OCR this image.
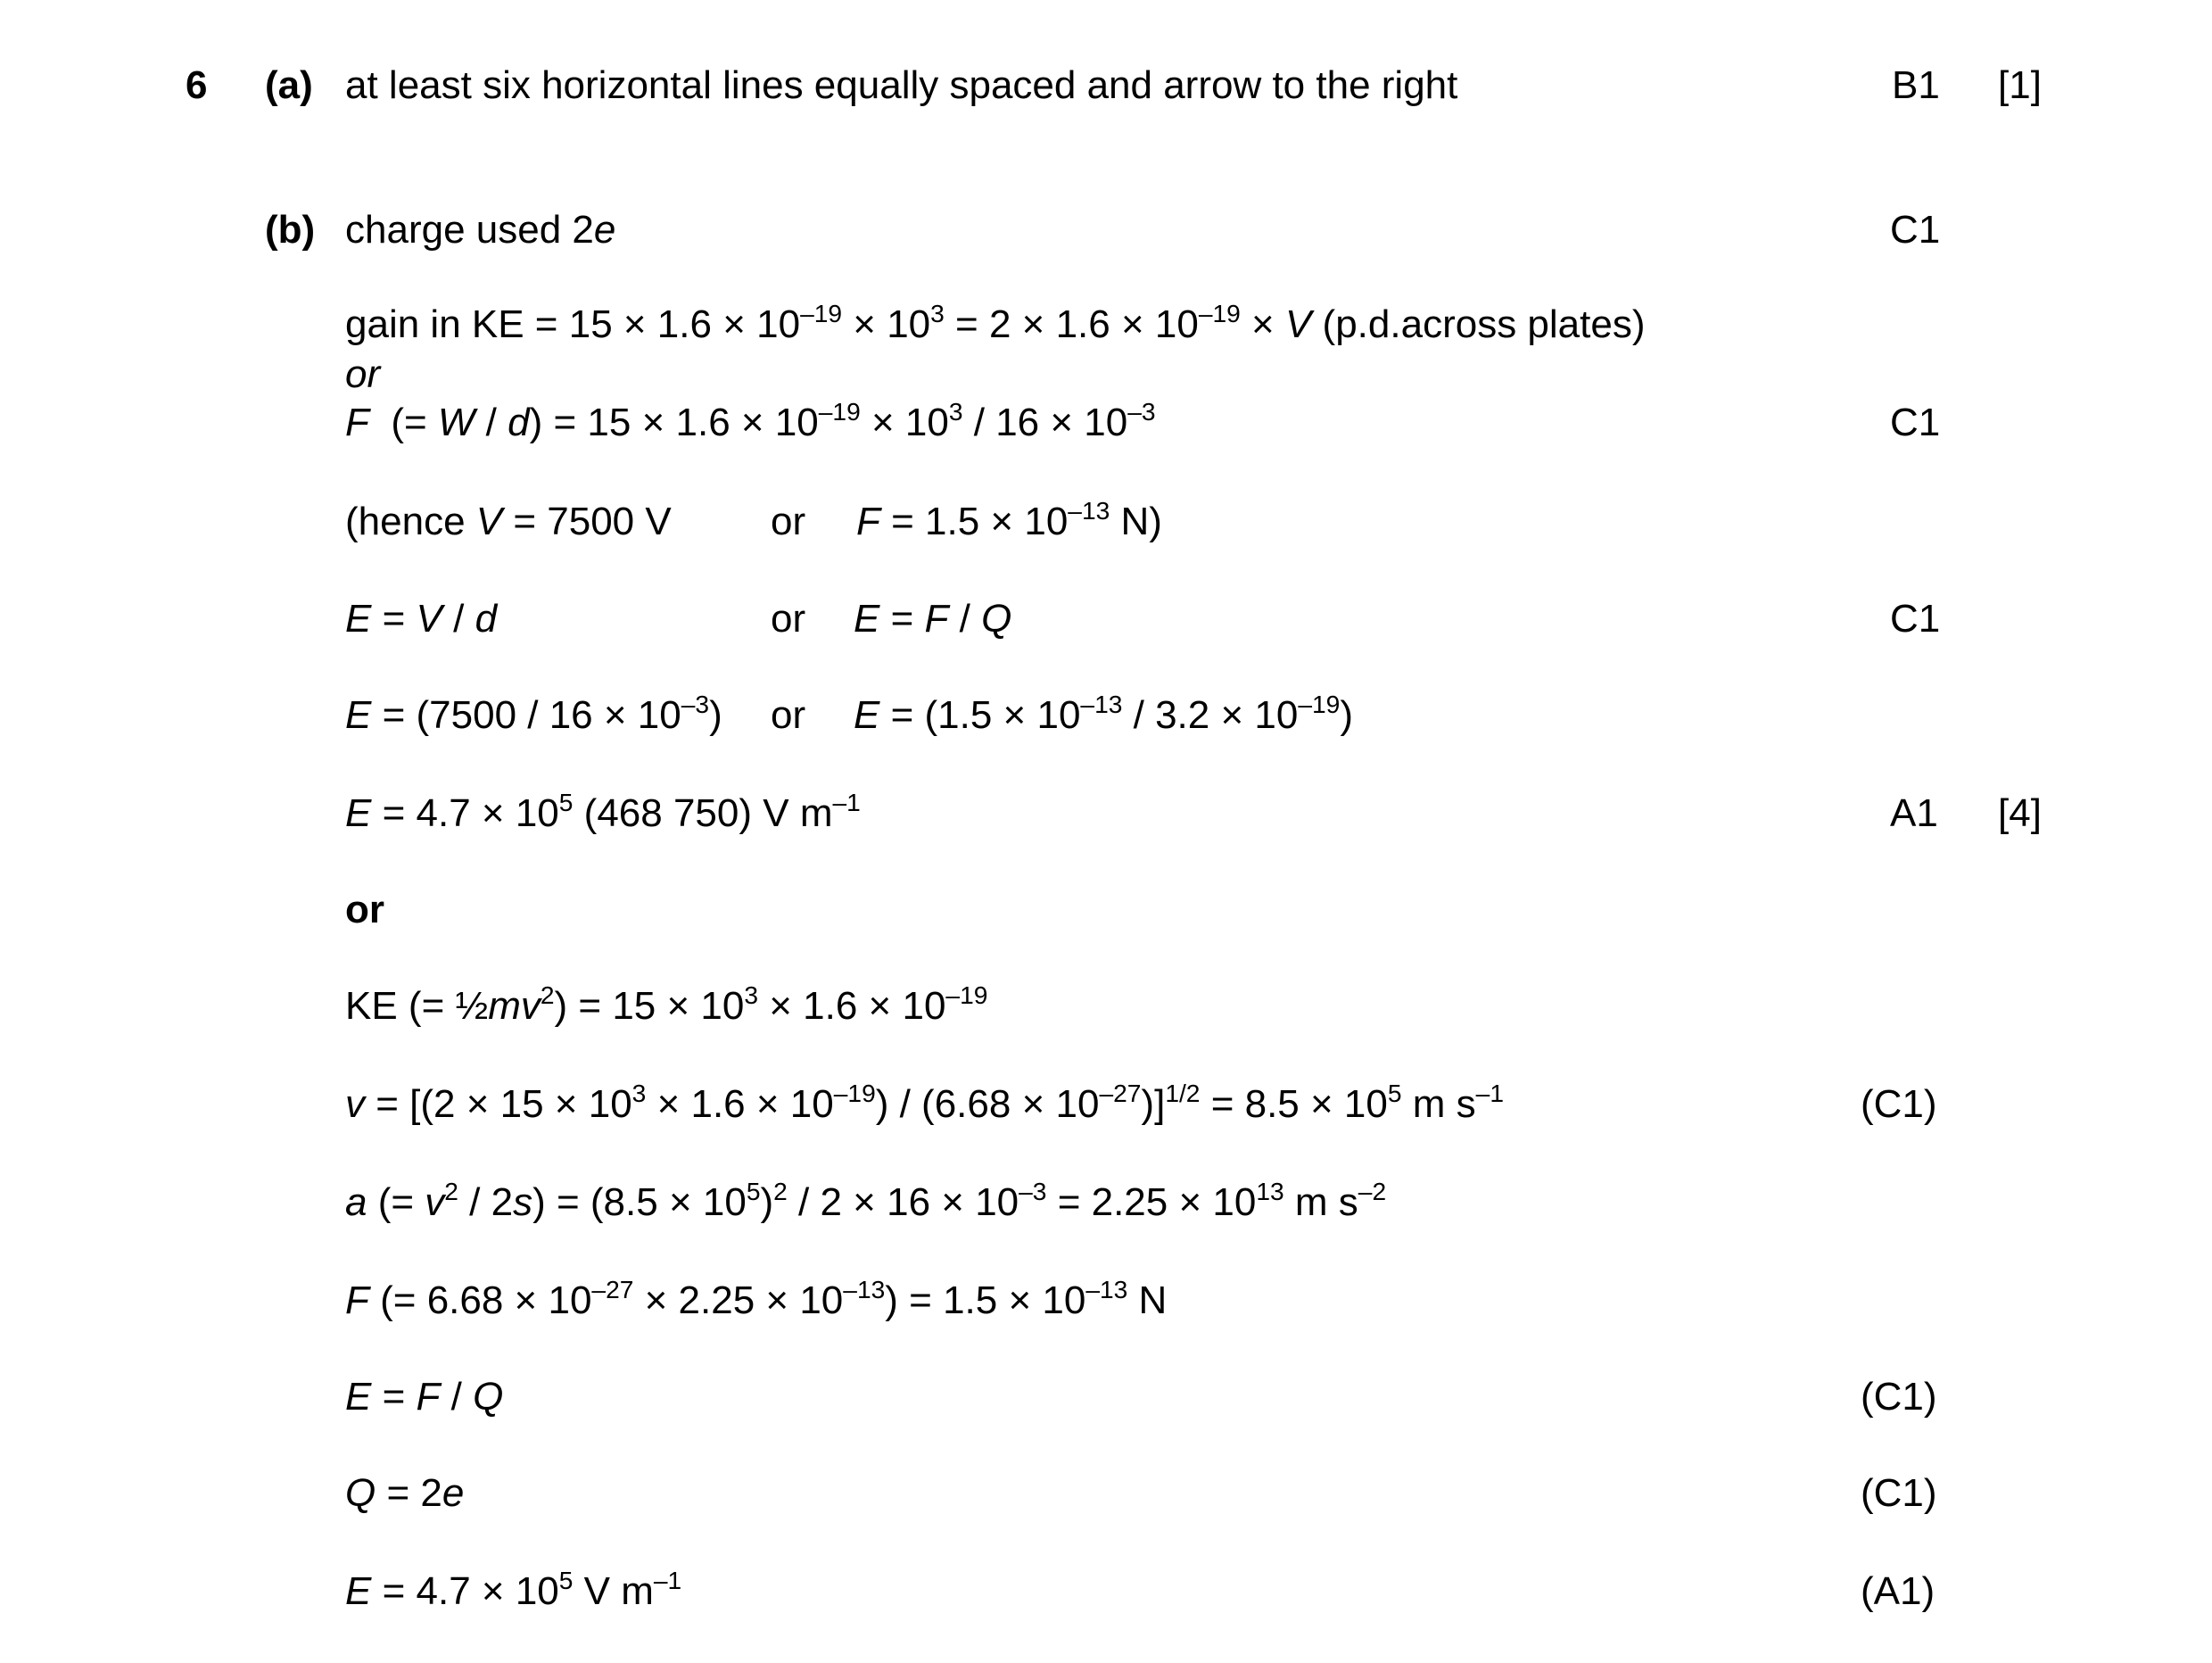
6 (a) at least six horizontal lines equally spaced and arrow to the right	B1 [1]
(b) charge used 2e	C1
gain in KE = $15 \times 1.6 \times 10^{-19} \times 10^3 = 2 \times 1.6 \times 10^{-19} \times V$ (p.d.across plates)
or
F  (= $W / d) = 15 \times 1.6 \times 10^{-19} \times 10^3 / 16 \times 10^{-3}$	C1
(hence V = 7500 V	or $F = 1.5 \times 10^{-13}$ N)
E = V / d	or E = F / Q	C1
$E = (7500 / 16 \times 10^{-3})$ or $E = (1.5 \times 10^{-13} / 3.2 \times 10^{-19})$
$E = 4.7 \times 10^5$ (468 750) V $m^{-1}$	A1 [4]
or
KE (= $\frac{1}{2}mv^2) = 15 \times 10^3 \times 1.6 \times 10^{-19}$
$v = [(2 \times 15 \times 10^3 \times 1.6 \times 10^{-19}) / (6.68 \times 10^{-27})]^{1/2} = 8.5 \times 10^5$ m $s^{-1}$	(C1)
a (= $v^2 / 2s) = (8.5 \times 10^5)^2 / 2 \times 16 \times 10^{-3} = 2.25 \times 10^{13}$ m $s^{-2}$
F (= $6.68 \times 10^{-27} \times 2.25 \times 10^{-13}) = 1.5 \times 10^{-13}$ N
E = F / Q	(C1)
Q = 2e	(C1)
$E = 4.7 \times 10^5$ V $m^{-1}$	(A1)
